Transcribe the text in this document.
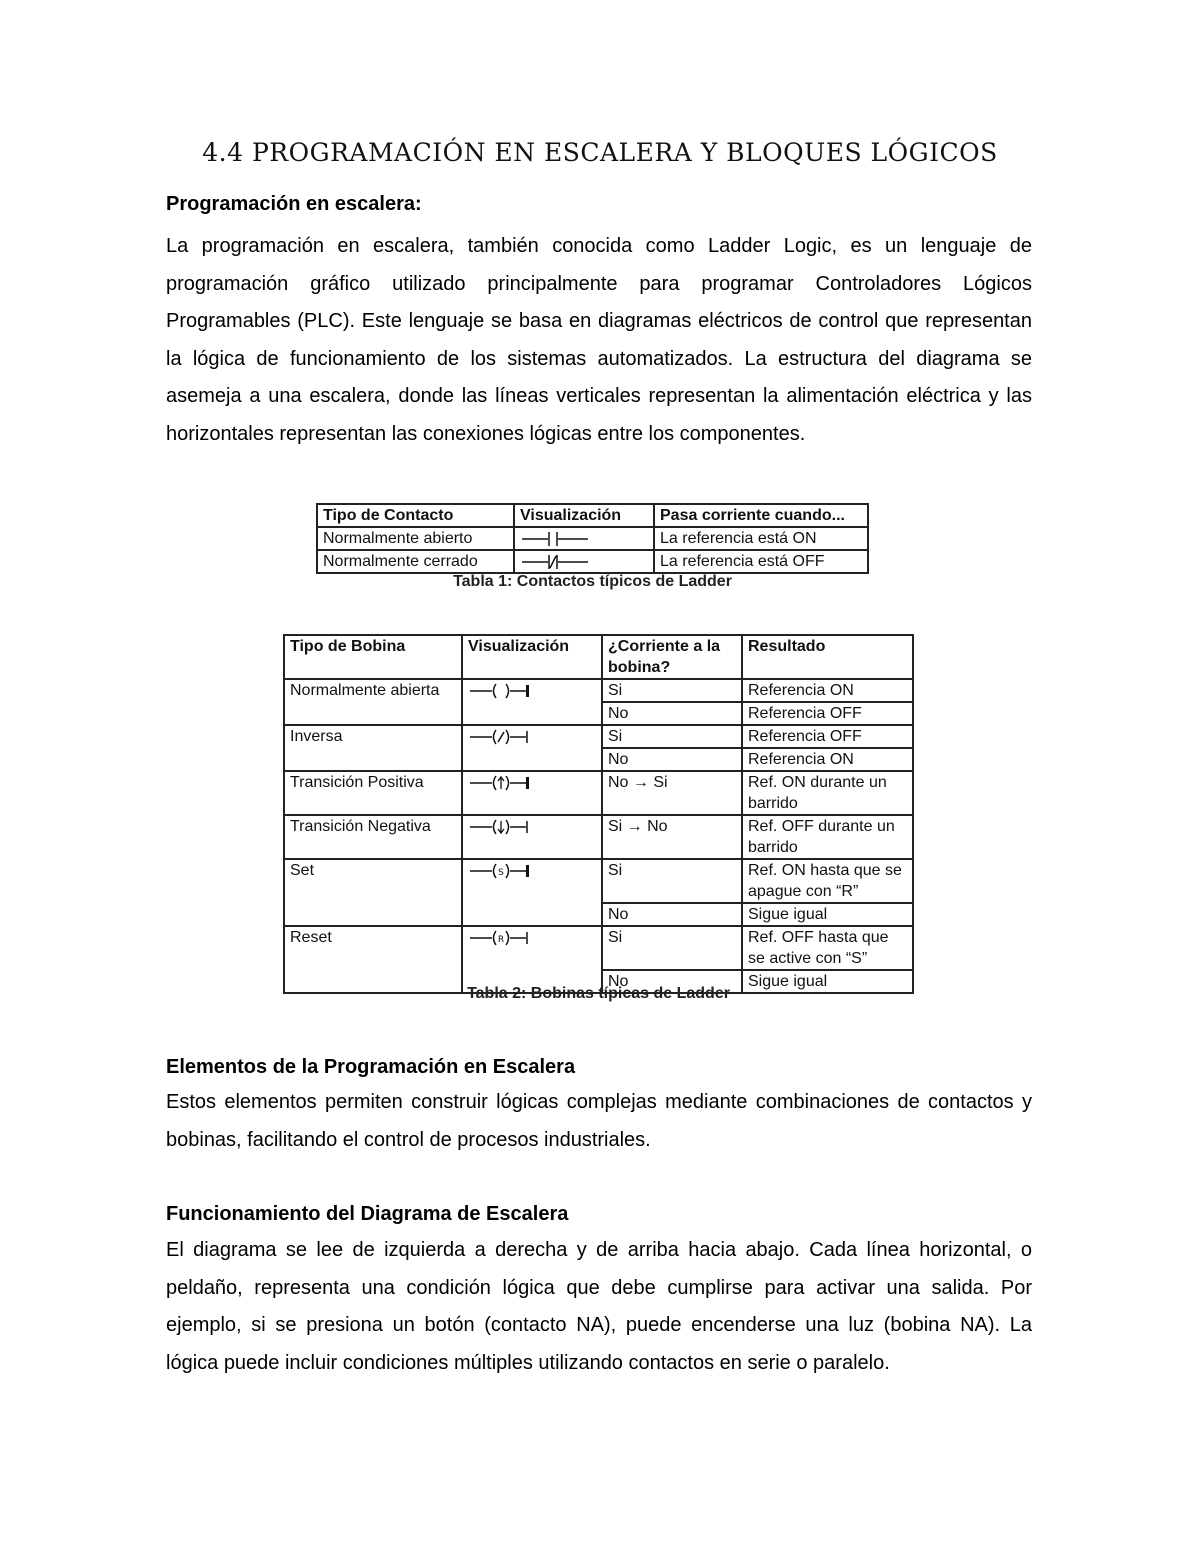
4.4 PROGRAMACIÓN EN ESCALERA Y BLOQUES LÓGICOS
Programación en escalera:

La programación en escalera, también conocida como Ladder Logic, es un lenguaje de programación gráfico utilizado principalmente para programar Controladores Lógicos Programables (PLC). Este lenguaje se basa en diagramas eléctricos de control que representan la lógica de funcionamiento de los sistemas automatizados. La estructura del diagrama se asemeja a una escalera, donde las líneas verticales representan la alimentación eléctrica y las horizontales representan las conexiones lógicas entre los componentes.

Tipo de Contacto	Visualización	Pasa corriente cuando...
Normalmente abierto		La referencia está ON
Normalmente cerrado		La referencia está OFF
Tabla 1: Contactos típicos de Ladder
Tipo de Bobina	Visualización	¿Corriente a la bobina?	Resultado
Normalmente abierta		Si	Referencia ON
		No	Referencia OFF
Inversa		Si	Referencia OFF
		No	Referencia ON
Transición Positiva		No → Si	Ref. ON durante un barrido
Transición Negativa		Si → No	Ref. OFF durante un barrido
Set	S	Si	Ref. ON hasta que se apague con “R”
		No	Sigue igual
Reset	R	Si	Ref. OFF hasta que se active con “S”
		No	Sigue igual
Tabla 2: Bobinas típicas de Ladder
Elementos de la Programación en Escalera

Estos elementos permiten construir lógicas complejas mediante combinaciones de contactos y bobinas, facilitando el control de procesos industriales.

Funcionamiento del Diagrama de Escalera

El diagrama se lee de izquierda a derecha y de arriba hacia abajo. Cada línea horizontal, o peldaño, representa una condición lógica que debe cumplirse para activar una salida. Por ejemplo, si se presiona un botón (contacto NA), puede encenderse una luz (bobina NA). La lógica puede incluir condiciones múltiples utilizando contactos en serie o paralelo.
